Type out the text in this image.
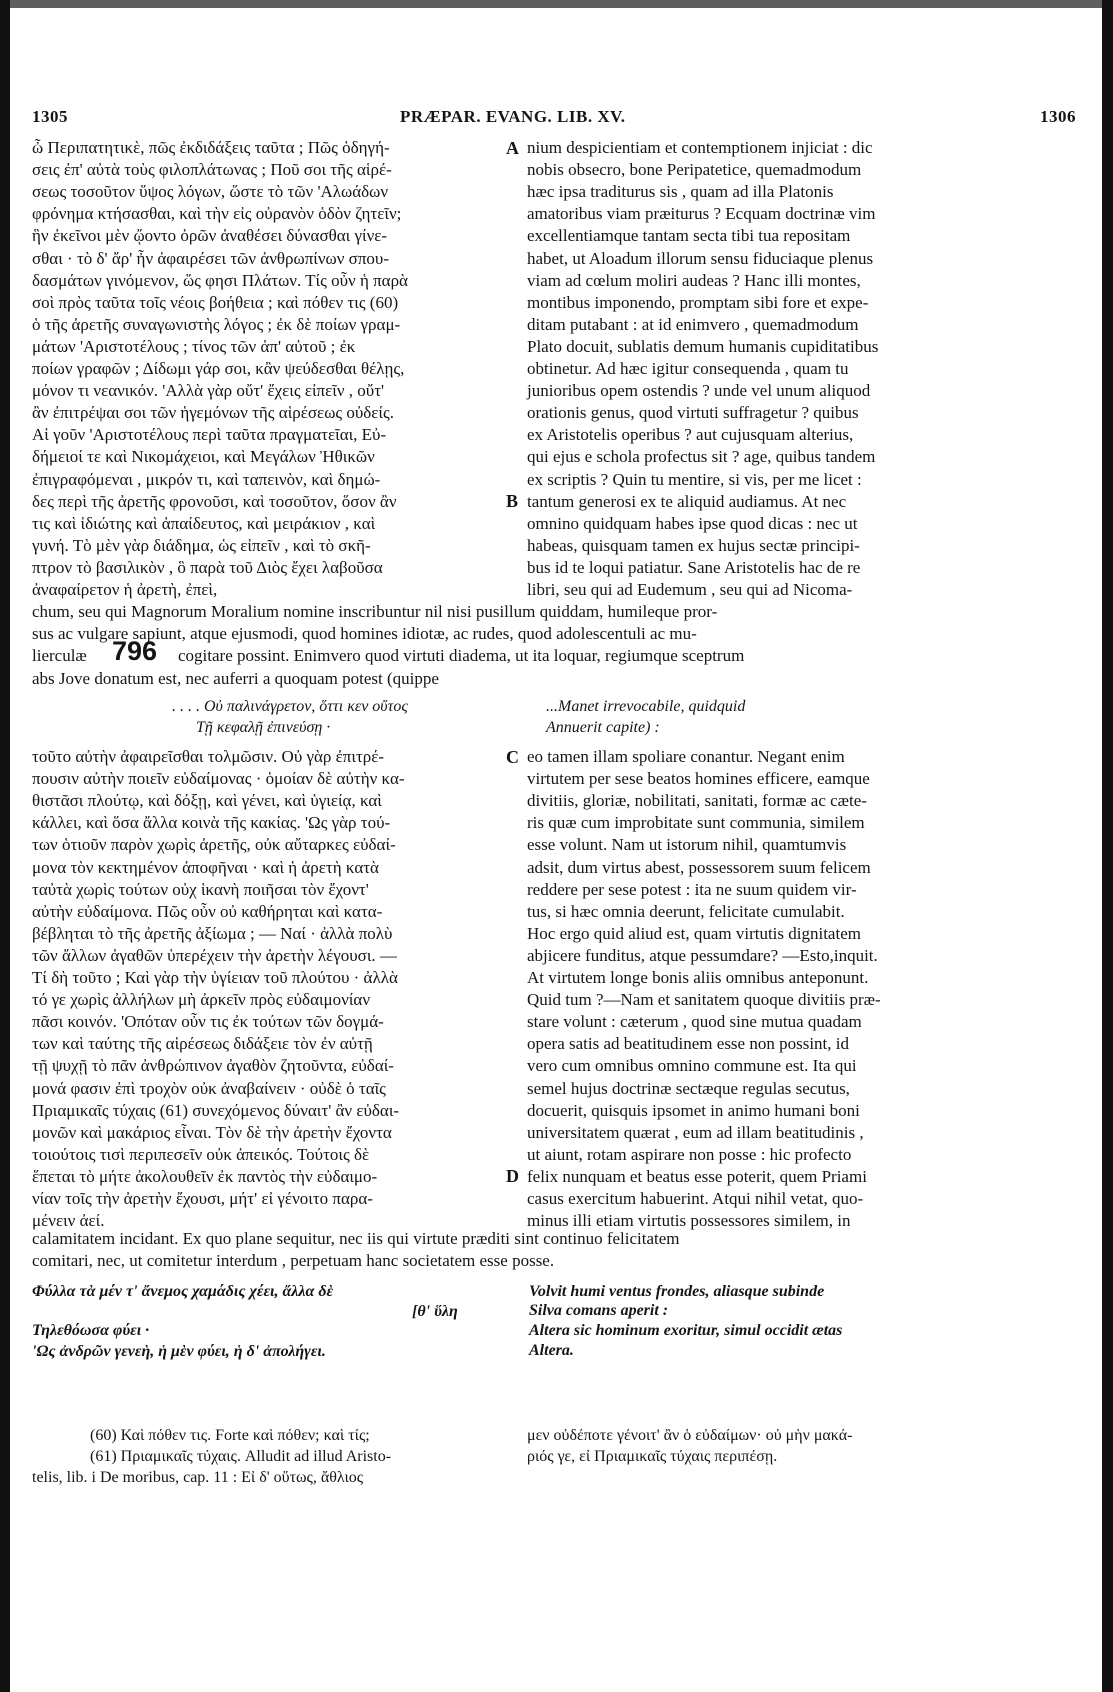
1305	PRÆPAR. EVANG. LIB. XV.	1306
ὦ Περιπατητικὲ, πῶς ἐκδιδάξεις ταῦτα ; Πῶς ὁδηγή-
σεις ἐπ' αὐτὰ τοὺς φιλοπλάτωνας ; Ποῦ σοι τῆς αἱρέ-
σεως τοσοῦτον ὕψος λόγων, ὥστε τὸ τῶν 'Αλωάδων
φρόνημα κτήσασθαι, καὶ τὴν εἰς οὐρανὸν ὁδὸν ζητεῖν;
ἣν ἐκεῖνοι μὲν ᾤοντο ὀρῶν ἀναθέσει δύνασθαι γίνε-
σθαι · τὸ δ' ἄρ' ἦν ἀφαιρέσει τῶν ἀνθρωπίνων σπου-
δασμάτων γινόμενον, ὥς φησι Πλάτων. Τίς οὖν ἡ παρὰ
σοὶ πρὸς ταῦτα τοῖς νέοις βοήθεια ; καὶ πόθεν τις (60)
ὁ τῆς ἀρετῆς συναγωνιστὴς λόγος ; ἐκ δὲ ποίων γραμ-
μάτων 'Αριστοτέλους ; τίνος τῶν ἀπ' αὐτοῦ ; ἐκ
ποίων γραφῶν ; Δίδωμι γάρ σοι, κἂν ψεύδεσθαι θέλῃς,
μόνον τι νεανικόν. 'Αλλὰ γὰρ οὔτ' ἔχεις εἰπεῖν , οὔτ'
ἂν ἐπιτρέψαι σοι τῶν ἡγεμόνων τῆς αἱρέσεως οὐδείς.
Αἱ γοῦν 'Αριστοτέλους περὶ ταῦτα πραγματεῖαι, Εὐ-
δήμειοί τε καὶ Νικομάχειοι, καὶ Μεγάλων Ἠθικῶν
ἐπιγραφόμεναι , μικρόν τι, καὶ ταπεινὸν, καὶ δημώ-
δες περὶ τῆς ἀρετῆς φρονοῦσι, καὶ τοσοῦτον, ὅσον ἂν
τις καὶ ἰδιώτης καὶ ἀπαίδευτος, καὶ μειράκιον , καὶ
γυνή. Τὸ μὲν γὰρ διάδημα, ὡς εἰπεῖν , καὶ τὸ σκῆ-
πτρον τὸ βασιλικὸν , ὃ παρὰ τοῦ Διὸς ἔχει λαβοῦσα
ἀναφαίρετον ἡ ἀρετὴ, ἐπεὶ,
nium despicientiam et contemptionem injiciat : dic
nobis obsecro, bone Peripatetice, quemadmodum
hæc ipsa traditurus sis , quam ad illa Platonis
amatoribus viam præiturus ? Ecquam doctrinæ vim
excellentiamque tantam secta tibi tua repositam
habet, ut Aloadum illorum sensu fiduciaque plenus
viam ad cœlum moliri audeas ? Hanc illi montes,
montibus imponendo, promptam sibi fore et expe-
ditam putabant : at id enimvero , quemadmodum
Plato docuit, sublatis demum humanis cupiditatibus
obtinetur. Ad hæc igitur consequenda , quam tu
junioribus opem ostendis ? unde vel unum aliquod
orationis genus, quod virtuti suffragetur ? quibus
ex Aristotelis operibus ? aut cujusquam alterius,
qui ejus e schola profectus sit ? age, quibus tandem
ex scriptis ? Quin tu mentire, si vis, per me licet :
tantum generosi ex te aliquid audiamus. At nec
omnino quidquam habes ipse quod dicas : nec ut
habeas, quisquam tamen ex hujus sectæ principi-
bus id te loqui patiatur. Sane Aristotelis hac de re
libri, seu qui ad Eudemum , seu qui ad Nicoma-
A
B
chum, seu qui Magnorum Moralium nomine inscribuntur nil nisi pusillum quiddam, humileque pror-
sus ac vulgare sapiunt, atque ejusmodi, quod homines idiotæ, ac rudes, quod adolescentuli ac mu-
lierculæ 796 cogitare possint. Enimvero quod virtuti diadema, ut ita loquar, regiumque sceptrum
abs Jove donatum est, nec auferri a quoquam potest (quippe
. . . . Οὐ παλινάγρετον, ὅττι κεν οὔτος
Τῇ κεφαλῇ ἐπινεύσῃ ·
...Manet irrevocabile, quidquid
Annuerit capite) :
τοῦτο αὐτὴν ἀφαιρεῖσθαι τολμῶσιν. Οὐ γὰρ ἐπιτρέ-
πουσιν αὐτὴν ποιεῖν εὐδαίμονας · ὁμοίαν δὲ αὐτὴν κα-
θιστᾶσι πλούτῳ, καὶ δόξῃ, καὶ γένει, καὶ ὑγιείᾳ, καὶ
κάλλει, καὶ ὅσα ἄλλα κοινὰ τῆς κακίας. 'Ως γὰρ τού-
των ὁτιοῦν παρὸν χωρὶς ἀρετῆς, οὐκ αὔταρκες εὐδαί-
μονα τὸν κεκτημένον ἀποφῆναι · καὶ ἡ ἀρετὴ κατὰ
ταὐτὰ χωρὶς τούτων οὐχ ἱκανὴ ποιῆσαι τὸν ἔχοντ'
αὐτὴν εὐδαίμονα. Πῶς οὖν οὐ καθήρηται καὶ κατα-
βέβληται τὸ τῆς ἀρετῆς ἀξίωμα ; — Ναί · ἀλλὰ πολὺ
τῶν ἄλλων ἀγαθῶν ὑπερέχειν τὴν ἀρετὴν λέγουσι. —
Τί δὴ τοῦτο ; Καὶ γὰρ τὴν ὑγίειαν τοῦ πλούτου · ἀλλὰ
τό γε χωρὶς ἀλλήλων μὴ ἀρκεῖν πρὸς εὐδαιμονίαν
πᾶσι κοινόν. 'Οπόταν οὖν τις ἐκ τούτων τῶν δογμά-
των καὶ ταύτης τῆς αἱρέσεως διδάξειε τὸν ἐν αὐτῇ
τῇ ψυχῇ τὸ πᾶν ἀνθρώπινον ἀγαθὸν ζητοῦντα, εὐδαί-
μονά φασιν ἐπὶ τροχὸν οὐκ ἀναβαίνειν · οὐδὲ ὁ ταῖς
Πριαμικαῖς τύχαις (61) συνεχόμενος δύναιτ' ἂν εὐδαι-
μονῶν καὶ μακάριος εἶναι. Τὸν δὲ τὴν ἀρετὴν ἔχοντα
τοιούτοις τισὶ περιπεσεῖν οὐκ ἀπεικός. Τούτοις δὲ
ἕπεται τὸ μήτε ἀκολουθεῖν ἐκ παντὸς τὴν εὐδαιμο-
νίαν τοῖς τὴν ἀρετὴν ἔχουσι, μήτ' εἰ γένοιτο παρα-
μένειν ἀεί.
eo tamen illam spoliare conantur. Negant enim
virtutem per sese beatos homines efficere, eamque
divitiis, gloriæ, nobilitati, sanitati, formæ ac cæte-
ris quæ cum improbitate sunt communia, similem
esse volunt. Nam ut istorum nihil, quamtumvis
adsit, dum virtus abest, possessorem suum felicem
reddere per sese potest : ita ne suum quidem vir-
tus, si hæc omnia deerunt, felicitate cumulabit.
Hoc ergo quid aliud est, quam virtutis dignitatem
abjicere funditus, atque pessumdare? —Esto,inquit.
At virtutem longe bonis aliis omnibus anteponunt.
Quid tum ?—Nam et sanitatem quoque divitiis præ-
stare volunt : cæterum , quod sine mutua quadam
opera satis ad beatitudinem esse non possint, id
vero cum omnibus omnino commune est. Ita qui
semel hujus doctrinæ sectæque regulas secutus,
docuerit, quisquis ipsomet in animo humani boni
universitatem quærat , eum ad illam beatitudinis ,
ut aiunt, rotam aspirare non posse : hic profecto
felix nunquam et beatus esse poterit, quem Priami
casus exercitum habuerint. Atqui nihil vetat, quo-
minus illi etiam virtutis possessores similem, in
C
D
calamitatem incidant. Ex quo plane sequitur, nec iis qui virtute præditi sint continuo felicitatem
comitari, nec, ut comitetur interdum , perpetuam hanc societatem esse posse.
Φύλλα τὰ μέν τ' ἄνεμος χαμάδις χέει, ἄλλα δὲ
[θ' ὕλη
Τηλεθόωσα φύει ·
'Ως ἀνδρῶν γενεὴ, ἡ μὲν φύει, ἡ δ' ἀπολήγει.
Volvit humi ventus frondes, aliasque subinde
Silva comans aperit :
Altera sic hominum exoritur, simul occidit ætas
Altera.
(60) Καὶ πόθεν τις. Forte καὶ πόθεν; καὶ τίς;
(61) Πριαμικαῖς τύχαις. Alludit ad illud Aristo-
telis, lib. i De moribus, cap. 11 : Εἰ δ' οὕτως, ἄθλιος
μεν οὐδέποτε γένοιτ' ἂν ὁ εὐδαίμων· οὐ μὴν μακά-
ριός γε, εἰ Πριαμικαῖς τύχαις περιπέσῃ.
